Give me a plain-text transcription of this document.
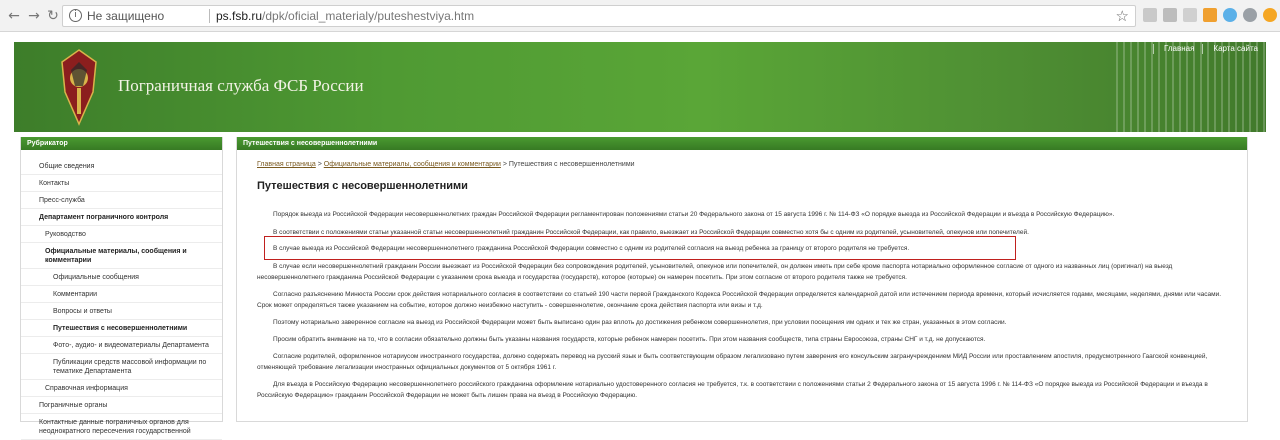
← → ↻	i Не защищено	ps.fsb.ru/dpk/oficial_materialy/puteshestviya.htm	☆
Пограничная служба ФСБ России
Главная	Карта сайта
Рубрикатор
Общие сведения
Контакты
Пресс-служба
Департамент пограничного контроля
Руководство
Официальные материалы, сообщения и комментарии
Официальные сообщения
Комментарии
Вопросы и ответы
Путешествия с несовершеннолетними
Фото-, аудио- и видеоматериалы Департамента
Публикации средств массовой информации по тематике Департамента
Справочная информация
Пограничные органы
Контактные данные пограничных органов для неоднократного пересечения государственной
Путешествия с несовершеннолетними
Главная страница > Официальные материалы, сообщения и комментарии > Путешествия с несовершеннолетними
Путешествия с несовершеннолетними

Порядок выезда из Российской Федерации несовершеннолетних граждан Российской Федерации регламентирован положениями статьи 20 Федерального закона от 15 августа 1996 г. № 114-ФЗ «О порядке выезда из Российской Федерации и въезда в Российскую Федерацию».

В соответствии с положениями статьи указанной статьи несовершеннолетний гражданин Российской Федерации, как правило, выезжает из Российской Федерации совместно хотя бы с одним из родителей, усыновителей, опекунов или попечителей.

В случае выезда из Российской Федерации несовершеннолетнего гражданина Российской Федерации совместно с одним из родителей согласия на выезд ребенка за границу от второго родителя не требуется.

В случае если несовершеннолетний гражданин России выезжает из Российской Федерации без сопровождения родителей, усыновителей, опекунов или попечителей, он должен иметь при себе кроме паспорта нотариально оформленное согласие от одного из названных лиц (оригинал) на выезд несовершеннолетнего гражданина Российской Федерации с указанием срока выезда и государства (государств), которое (которые) он намерен посетить. При этом согласие от второго родителя также не требуется.

Согласно разъяснению Минюста России срок действия нотариального согласия в соответствии со статьей 190 части первой Гражданского Кодекса Российской Федерации определяется календарной датой или истечением периода времени, который исчисляется годами, месяцами, неделями, днями или часами. Срок может определяться также указанием на событие, которое должно неизбежно наступить - совершеннолетие, окончание срока действия паспорта или визы и т.д.

Поэтому нотариально заверенное согласие на выезд из Российской Федерации может быть выписано один раз вплоть до достижения ребенком совершеннолетия, при условии посещения им одних и тех же стран, указанных в этом согласии.

Просим обратить внимание на то, что в согласии обязательно должны быть указаны названия государств, которые ребенок намерен посетить. При этом названия сообществ, типа страны Евросоюза, страны СНГ и т.д. не допускаются.

Согласие родителей, оформленное нотариусом иностранного государства, должно содержать перевод на русский язык и быть соответствующим образом легализовано путем заверения его консульским загранучреждением МИД России или проставлением апостиля, предусмотренного Гаагской конвенцией, отменяющей требование легализации иностранных официальных документов от 5 октября 1961 г.

Для въезда в Российскую Федерацию несовершеннолетнего российского гражданина оформление нотариально удостоверенного согласия не требуется, т.к. в соответствии с положениями статьи 2 Федерального закона от 15 августа 1996 г. № 114-ФЗ «О порядке выезда из Российской Федерации и въезда в Российскую Федерацию» гражданин Российской Федерации не может быть лишен права на въезд в Российскую Федерацию.
